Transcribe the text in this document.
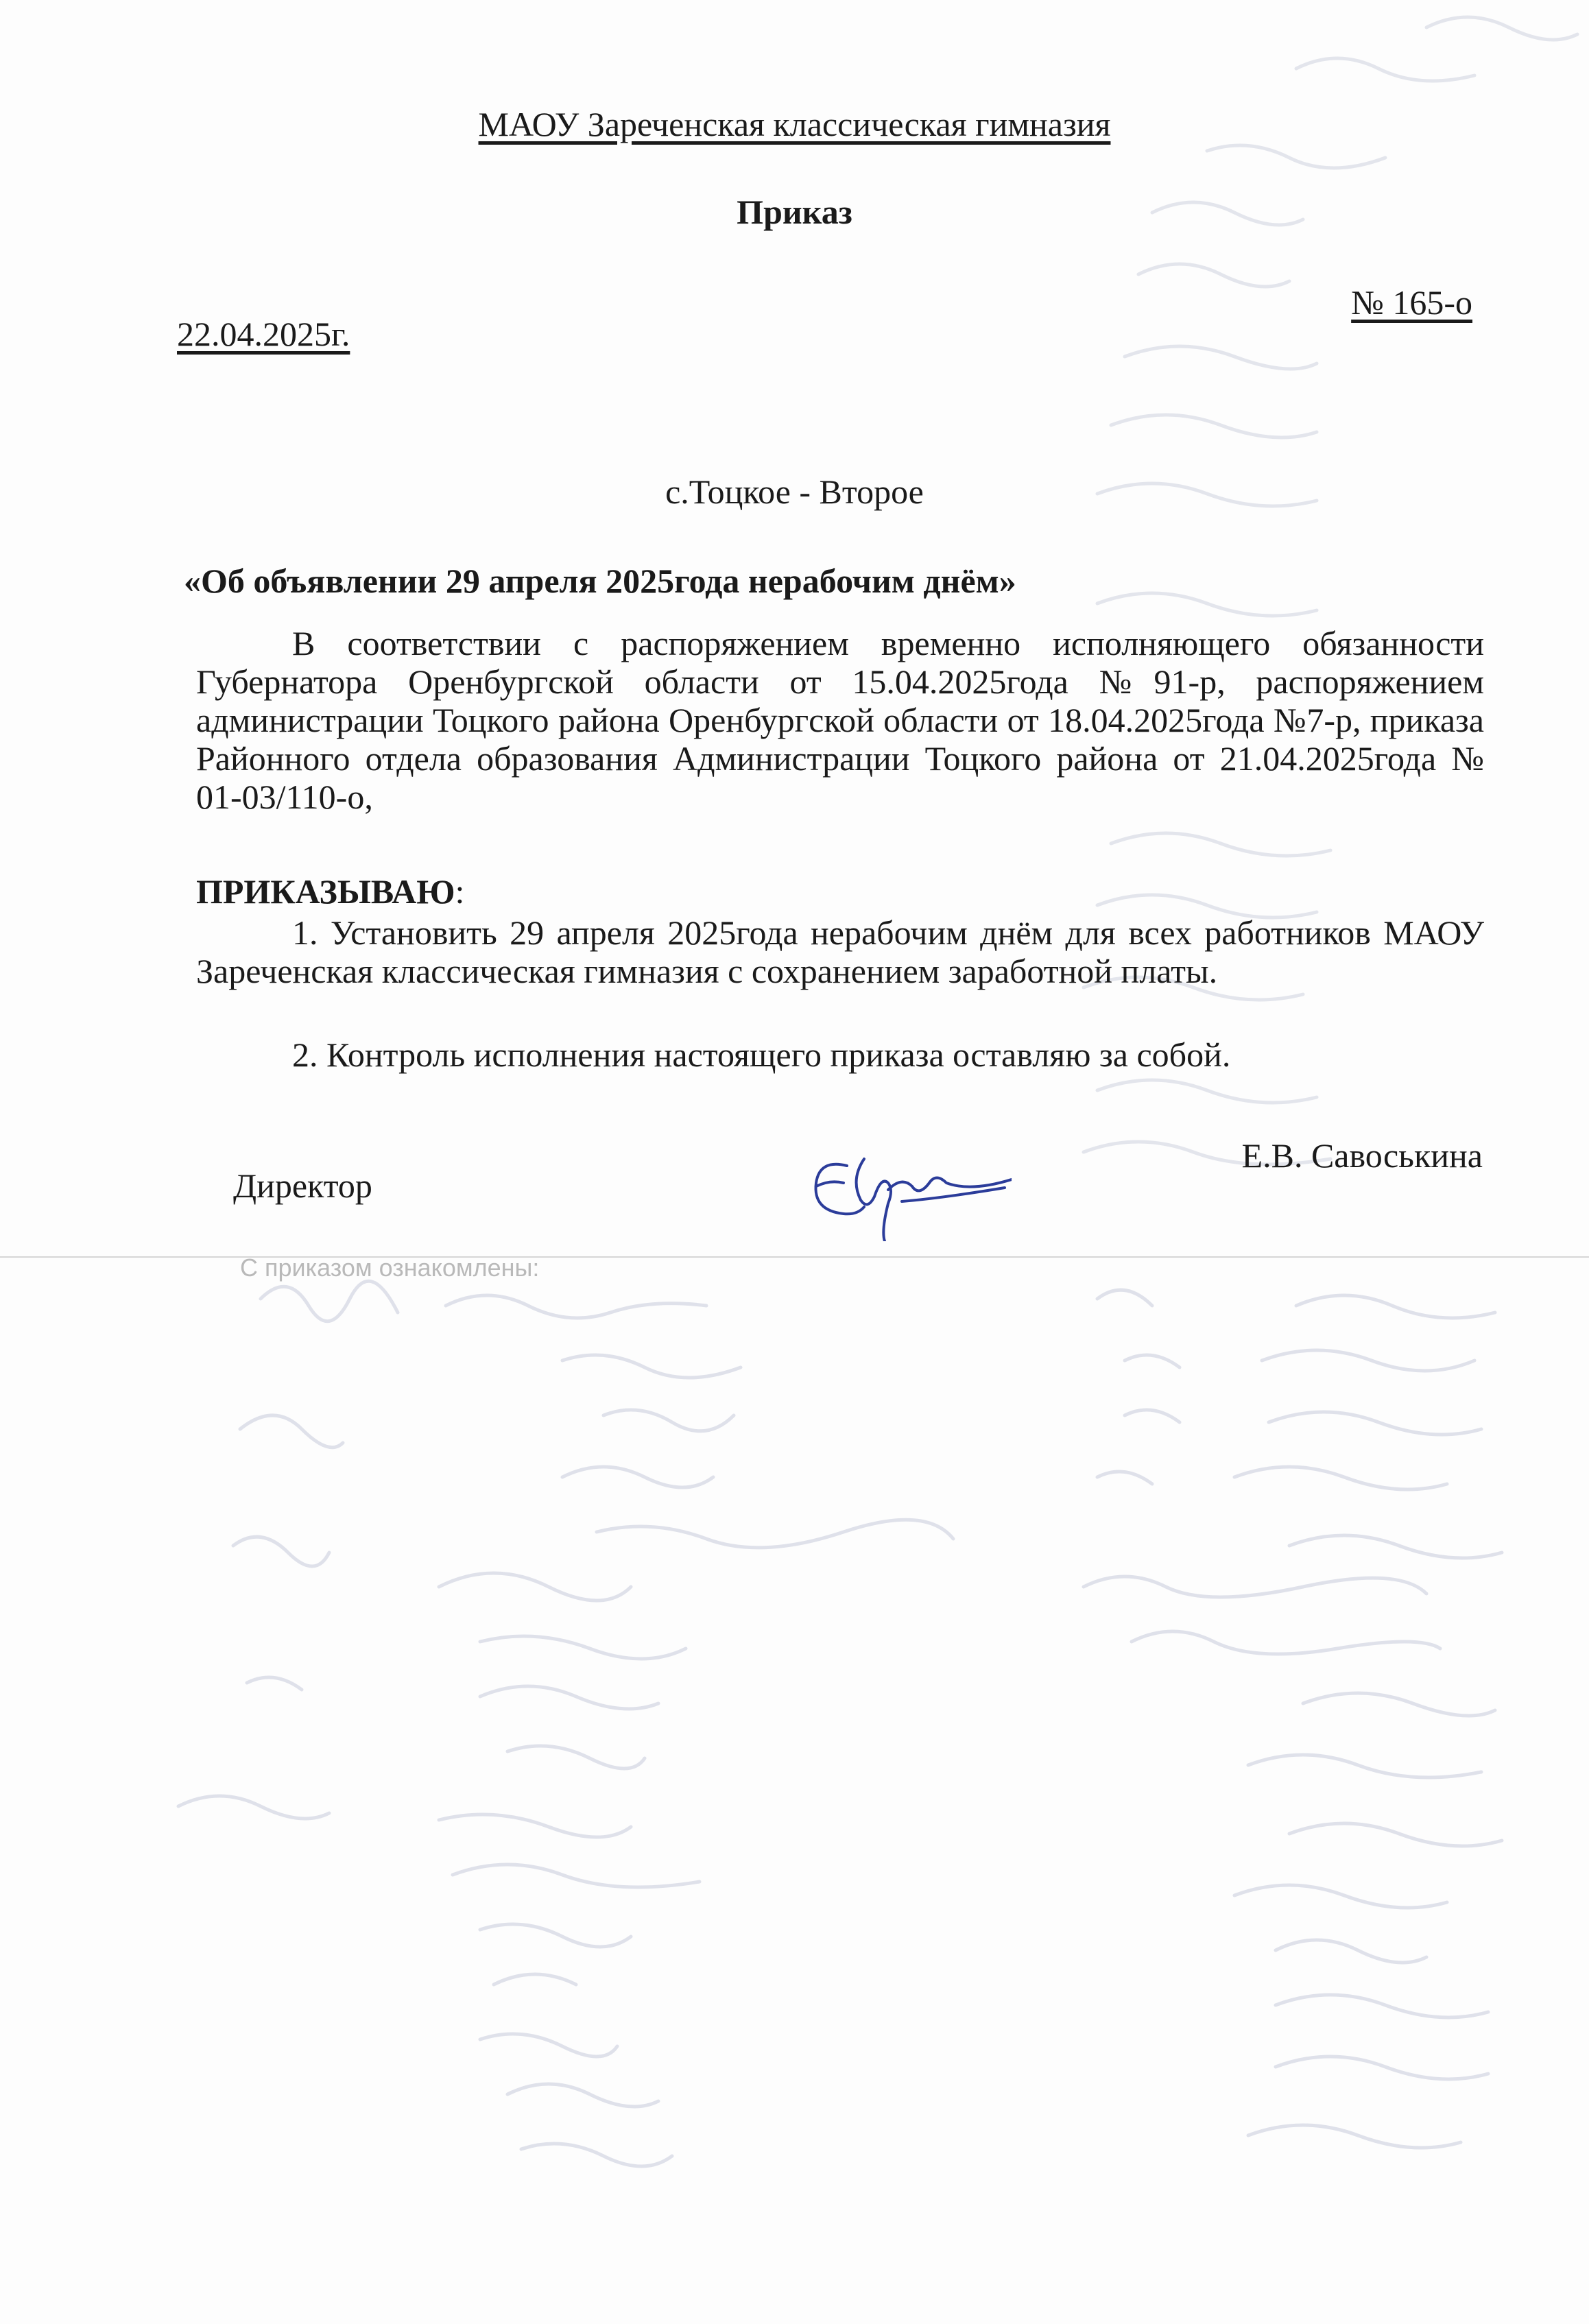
МАОУ Зареченская классическая гимназия
Приказ
22.04.2025г.
№ 165-о
с.Тоцкое - Второе
«Об объявлении 29 апреля 2025года нерабочим днём»
В соответствии с распоряжением временно исполняющего обязанности Губернатора Оренбургской области от 15.04.2025года №91-р, распоряжением администрации Тоцкого района Оренбургской области от 18.04.2025года №7-р, приказа Районного отдела образования Администрации Тоцкого района от 21.04.2025года № 01-03/110-о,
ПРИКАЗЫВАЮ:
1. Установить 29 апреля 2025года нерабочим днём для всех работников МАОУ Зареченская классическая гимназия с сохранением заработной платы.
2. Контроль исполнения настоящего приказа оставляю за собой.
Директор
Е.В. Савоськина
С приказом ознакомлены:
